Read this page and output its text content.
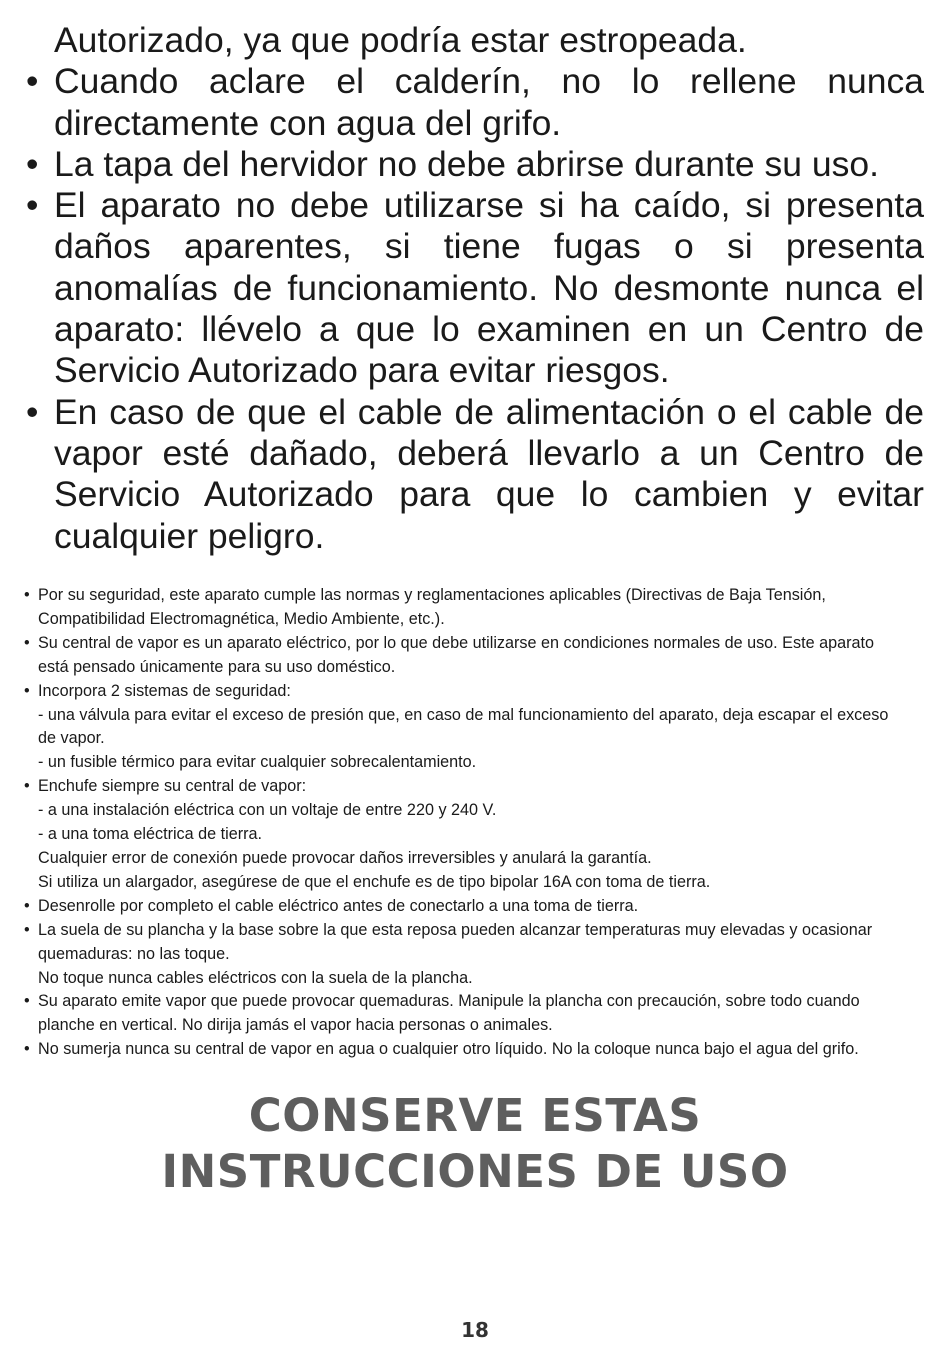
Autorizado, ya que podría estar estropeada.
• Cuando aclare el calderín, no lo rellene nunca directamente con agua del grifo.
• La tapa del hervidor no debe abrirse durante su uso.
• El aparato no debe utilizarse si ha caído, si presenta daños aparentes, si tiene fugas o si presenta anomalías de funcionamiento. No desmonte nunca el aparato: llévelo a que lo examinen en un Centro de Servicio Autorizado para evitar riesgos.
• En caso de que el cable de alimentación o el cable de vapor esté dañado, deberá llevarlo a un Centro de Servicio Autorizado para que lo cambien y evitar cualquier peligro.
• Por su seguridad, este aparato cumple las normas y reglamentaciones aplicables (Directivas de Baja Tensión, Compatibilidad Electromagnética, Medio Ambiente, etc.).
• Su central de vapor es un aparato eléctrico, por lo que debe utilizarse en condiciones normales de uso. Este aparato está pensado únicamente para su uso doméstico.
• Incorpora 2 sistemas de seguridad:
- una válvula para evitar el exceso de presión que, en caso de mal funcionamiento del aparato, deja escapar el exceso de vapor.
- un fusible térmico para evitar cualquier sobrecalentamiento.
• Enchufe siempre su central de vapor:
- a una instalación eléctrica con un voltaje de entre 220 y 240 V.
- a una toma eléctrica de tierra.
Cualquier error de conexión puede provocar daños irreversibles y anulará la garantía.
Si utiliza un alargador, asegúrese de que el enchufe es de tipo bipolar 16A con toma de tierra.
• Desenrolle por completo el cable eléctrico antes de conectarlo a una toma de tierra.
• La suela de su plancha y la base sobre la que esta reposa pueden alcanzar temperaturas muy elevadas y ocasionar quemaduras: no las toque.
No toque nunca cables eléctricos con la suela de la plancha.
• Su aparato emite vapor que puede provocar quemaduras. Manipule la plancha con precaución, sobre todo cuando planche en vertical. No dirija jamás el vapor hacia personas o animales.
• No sumerja nunca su central de vapor en agua o cualquier otro líquido. No la coloque nunca bajo el agua del grifo.
CONSERVE ESTAS
INSTRUCCIONES DE USO
18
